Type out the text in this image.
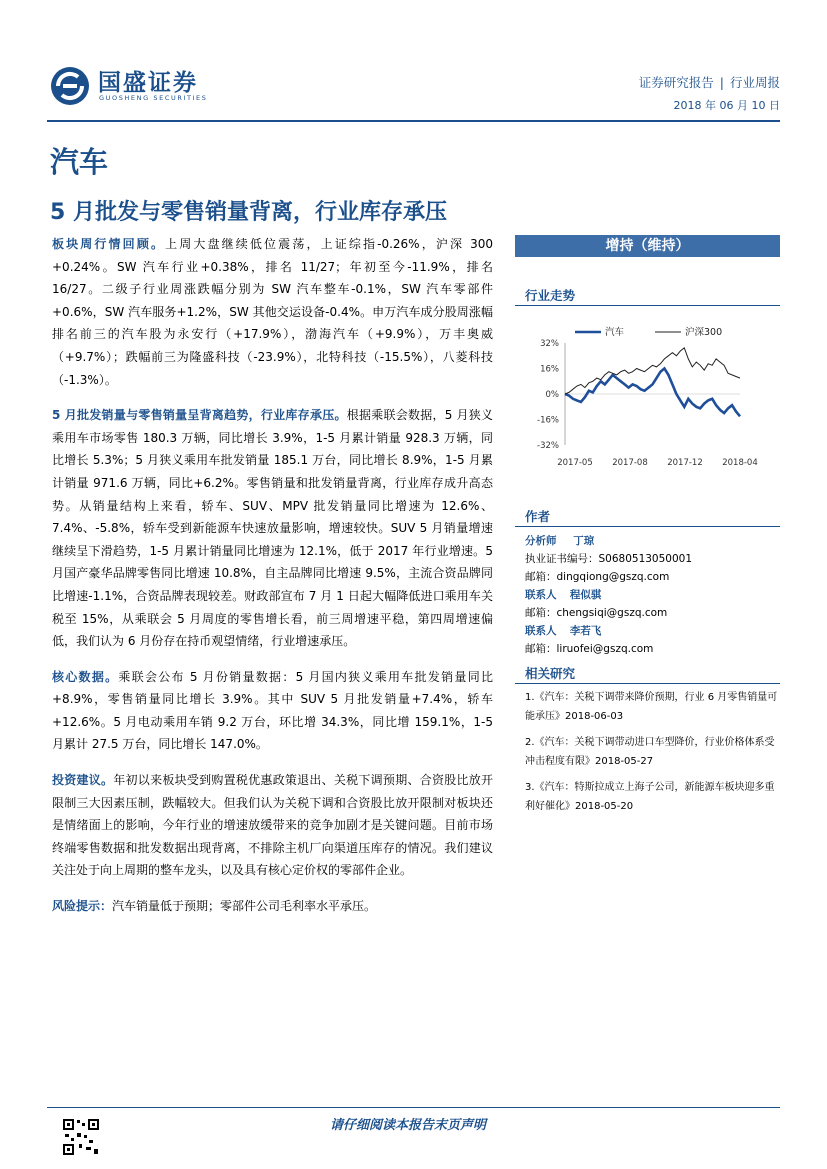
国盛证券
GUOSHENG SECURITIES
证券研究报告 | 行业周报
2018 年 06 月 10 日
汽车
5 月批发与零售销量背离，行业库存承压

板块周行情回顾。上周大盘继续低位震荡，上证综指-0.26%，沪深 300 +0.24%。SW 汽车行业+0.38%，排名 11/27；年初至今-11.9%，排名 16/27。二级子行业周涨跌幅分别为 SW 汽车整车-0.1%，SW 汽车零部件+0.6%，SW 汽车服务+1.2%，SW 其他交运设备-0.4%。申万汽车成分股周涨幅排名前三的汽车股为永安行（+17.9%），渤海汽车（+9.9%），万丰奥威（+9.7%）；跌幅前三为隆盛科技（-23.9%），北特科技（-15.5%），八菱科技（-1.3%）。

5 月批发销量与零售销量呈背离趋势，行业库存承压。根据乘联会数据，5 月狭义乘用车市场零售 180.3 万辆，同比增长 3.9%，1-5 月累计销量 928.3 万辆，同比增长 5.3%；5 月狭义乘用车批发销量 185.1 万台，同比增长 8.9%，1-5 月累计销量 971.6 万辆，同比+6.2%。零售销量和批发销量背离，行业库存成升高态势。从销量结构上来看，轿车、SUV、MPV 批发销量同比增速为 12.6%、7.4%、-5.8%，轿车受到新能源车快速放量影响，增速较快。SUV 5 月销量增速继续呈下滑趋势，1-5 月累计销量同比增速为 12.1%，低于 2017 年行业增速。5 月国产豪华品牌零售同比增速 10.8%，自主品牌同比增速 9.5%，主流合资品牌同比增速-1.1%，合资品牌表现较差。财政部宣布 7 月 1 日起大幅降低进口乘用车关税至 15%，从乘联会 5 月周度的零售增长看，前三周增速平稳，第四周增速偏低，我们认为 6 月份存在持币观望情绪，行业增速承压。

核心数据。乘联会公布 5 月份销量数据：5 月国内狭义乘用车批发销量同比+8.9%，零售销量同比增长 3.9%。其中 SUV 5 月批发销量+7.4%，轿车+12.6%。5 月电动乘用车销 9.2 万台，环比增 34.3%，同比增 159.1%，1-5 月累计 27.5 万台，同比增长 147.0%。

投资建议。年初以来板块受到购置税优惠政策退出、关税下调预期、合资股比放开限制三大因素压制，跌幅较大。但我们认为关税下调和合资股比放开限制对板块还是情绪面上的影响，今年行业的增速放缓带来的竞争加剧才是关键问题。目前市场终端零售数据和批发数据出现背离，不排除主机厂向渠道压库存的情况。我们建议关注处于向上周期的整车龙头，以及具有核心定价权的零部件企业。

风险提示：汽车销量低于预期；零部件公司毛利率水平承压。

增持（维持）
行业走势
32%
16%
0%
-16%
-32%
2017-05 2017-08 2017-12 2018-04
汽车	沪深300
作者
分析师 丁琼
执业证书编号：S0680513050001
邮箱：dingqiong@gszq.com
联系人 程似骐
邮箱：chengsiqi@gszq.com
联系人 李若飞
邮箱：liruofei@gszq.com
相关研究
1.《汽车：关税下调带来降价预期，行业 6 月零售销量可能承压》2018-06-03
2.《汽车：关税下调带动进口车型降价，行业价格体系受冲击程度有限》2018-05-27
3.《汽车：特斯拉成立上海子公司，新能源车板块迎多重利好催化》2018-05-20
请仔细阅读本报告末页声明
